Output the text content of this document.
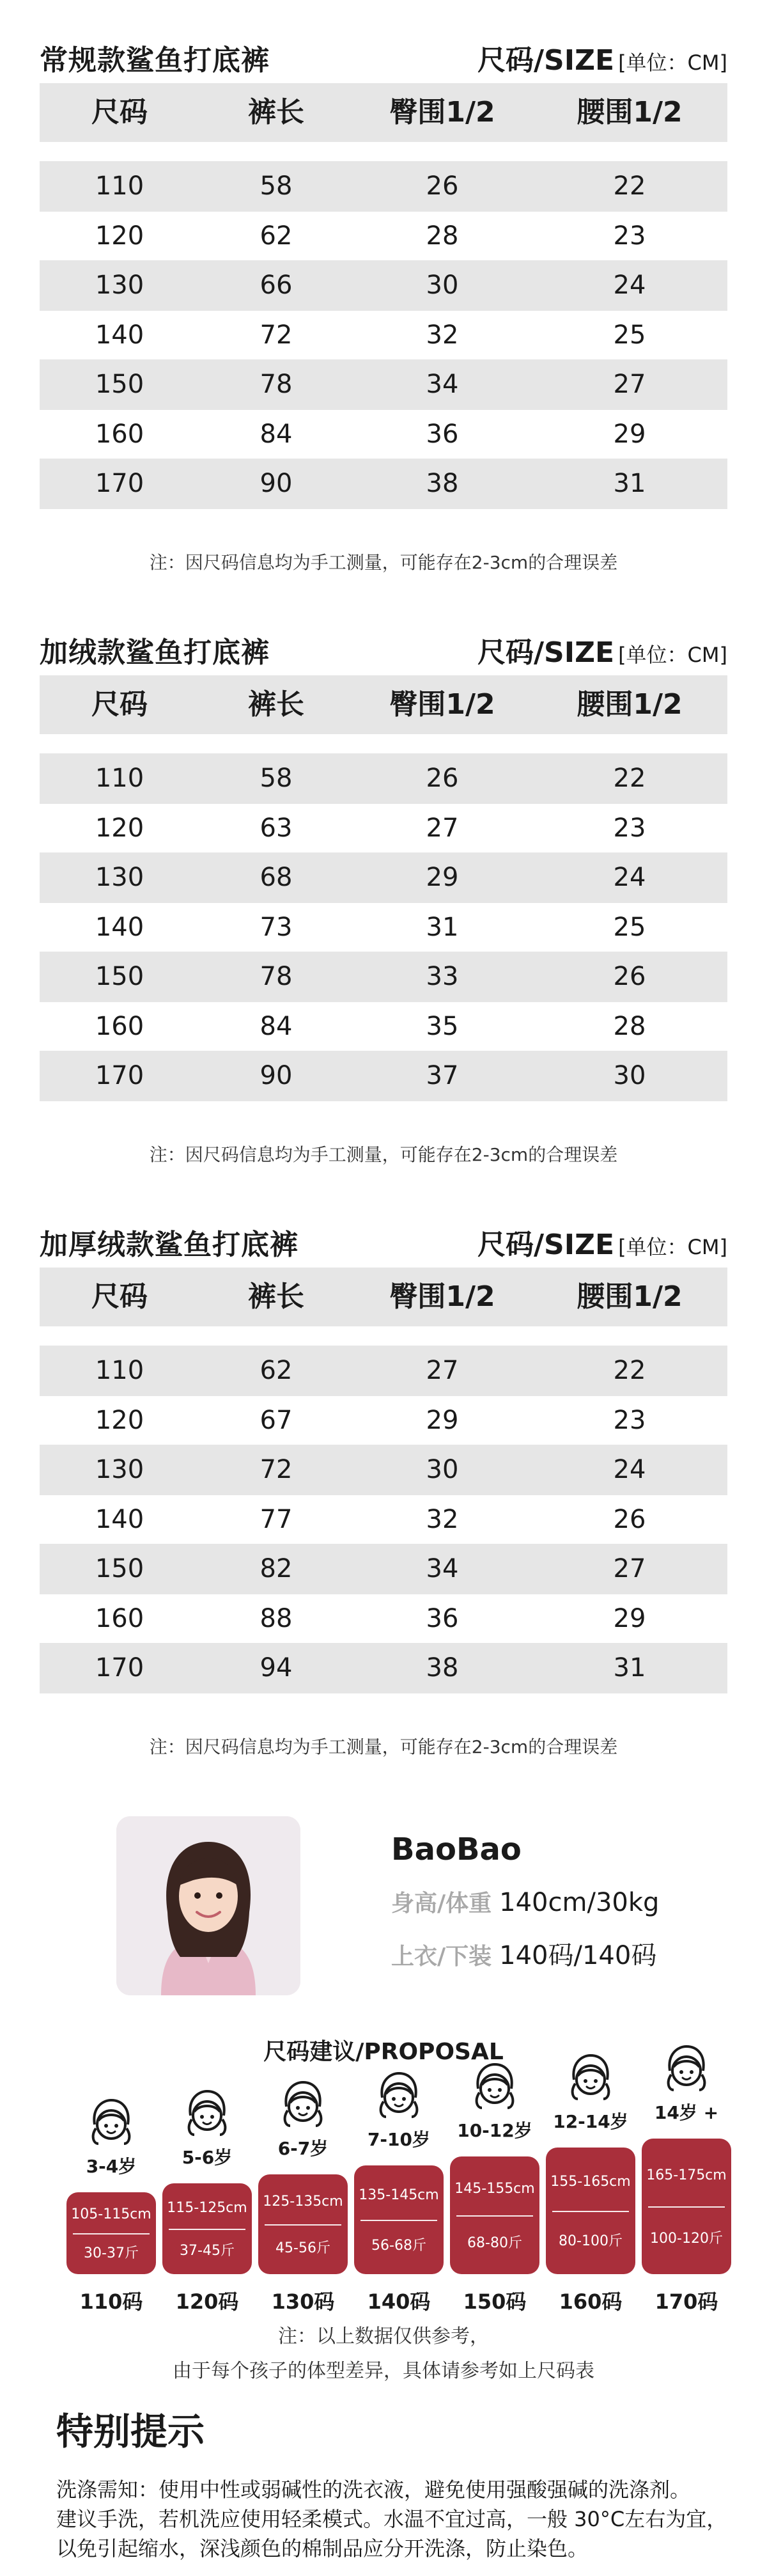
常规款鲨鱼打底裤	尺码/SIZE [单位：CM]
尺码	裤长	臀围1/2	腰围1/2
110	58	26	22
120	62	28	23
130	66	30	24
140	72	32	25
150	78	34	27
160	84	36	29
170	90	38	31
注：因尺码信息均为手工测量，可能存在2-3cm的合理误差
加绒款鲨鱼打底裤	尺码/SIZE [单位：CM]
尺码	裤长	臀围1/2	腰围1/2
110	58	26	22
120	63	27	23
130	68	29	24
140	73	31	25
150	78	33	26
160	84	35	28
170	90	37	30
注：因尺码信息均为手工测量，可能存在2-3cm的合理误差
加厚绒款鲨鱼打底裤	尺码/SIZE [单位：CM]
尺码	裤长	臀围1/2	腰围1/2
110	62	27	22
120	67	29	23
130	72	30	24
140	77	32	26
150	82	34	27
160	88	36	29
170	94	38	31
注：因尺码信息均为手工测量，可能存在2-3cm的合理误差
BaoBao
身高/体重 140cm/30kg
上衣/下装 140码/140码
尺码建议/PROPOSAL
3-4岁
105-115cm
30-37斤
110码
5-6岁
115-125cm
37-45斤
120码
6-7岁
125-135cm
45-56斤
130码
7-10岁
135-145cm
56-68斤
140码
10-12岁
145-155cm
68-80斤
150码
12-14岁
155-165cm
80-100斤
160码
14岁 +
165-175cm
100-120斤
170码
注：以上数据仅供参考，
由于每个孩子的体型差异，具体请参考如上尺码表
特别提示
洗涤需知：使用中性或弱碱性的洗衣液，避免使用强酸强碱的洗涤剂。
建议手洗，若机洗应使用轻柔模式。水温不宜过高，一般 30°C左右为宜，
以免引起缩水，深浅颜色的棉制品应分开洗涤，防止染色。
